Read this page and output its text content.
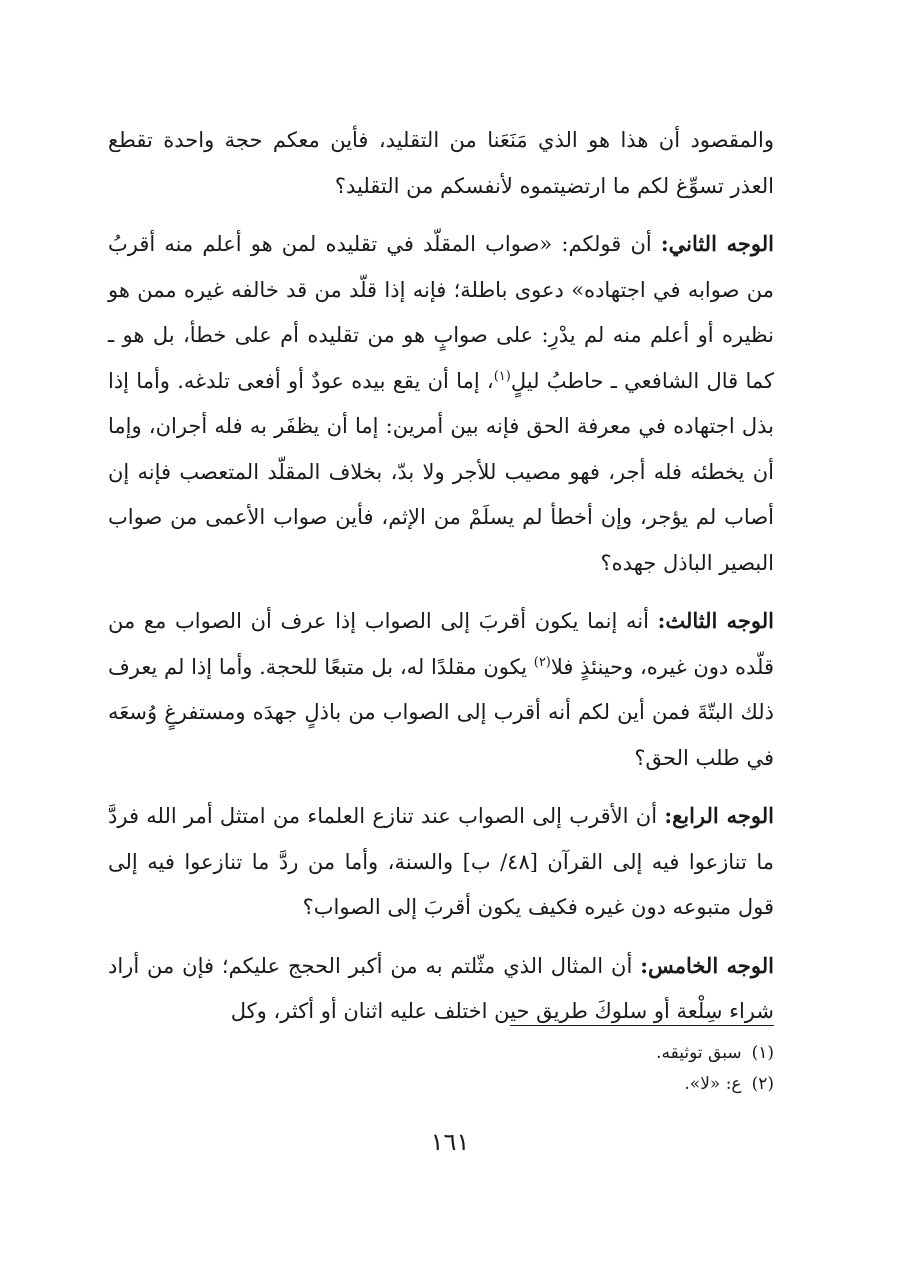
والمقصود أن هذا هو الذي مَنَعَنا من التقليد، فأين معكم حجة واحدة تقطع العذر تسوِّغ لكم ما ارتضيتموه لأنفسكم من التقليد؟

الوجه الثاني: أن قولكم: «صواب المقلّد في تقليده لمن هو أعلم منه أقربُ من صوابه في اجتهاده» دعوى باطلة؛ فإنه إذا قلّد من قد خالفه غيره ممن هو نظيره أو أعلم منه لم يدْرِ: على صوابٍ هو من تقليده أم على خطأ، بل هو ـ كما قال الشافعي ـ حاطبُ ليلٍ$^{(١)}$، إما أن يقع بيده عودٌ أو أفعى تلدغه. وأما إذا بذل اجتهاده في معرفة الحق فإنه بين أمرين: إما أن يظفَر به فله أجران، وإما أن يخطئه فله أجر، فهو مصيب للأجر ولا بدّ، بخلاف المقلّد المتعصب فإنه إن أصاب لم يؤجر، وإن أخطأ لم يسلَمْ من الإثم، فأين صواب الأعمى من صواب البصير الباذل جهده؟

الوجه الثالث: أنه إنما يكون أقربَ إلى الصواب إذا عرف أن الصواب مع من قلّده دون غيره، وحينئذٍ فلا$^{(٢)}$ يكون مقلدًا له، بل متبعًا للحجة. وأما إذا لم يعرف ذلك البتّةَ فمن أين لكم أنه أقرب إلى الصواب من باذلٍ جهدَه ومستفرغٍ وُسعَه في طلب الحق؟

الوجه الرابع: أن الأقرب إلى الصواب عند تنازع العلماء من امتثل أمر الله فردَّ ما تنازعوا فيه إلى القرآن [٤٨/ ب] والسنة، وأما من ردَّ ما تنازعوا فيه إلى قول متبوعه دون غيره فكيف يكون أقربَ إلى الصواب؟

الوجه الخامس: أن المثال الذي مثّلتم به من أكبر الحجج عليكم؛ فإن من أراد شراء سِلْعة أو سلوكَ طريق حين اختلف عليه اثنان أو أكثر، وكل

(١)سبق توثيقه.

(٢)ع: «لا».

١٦١
